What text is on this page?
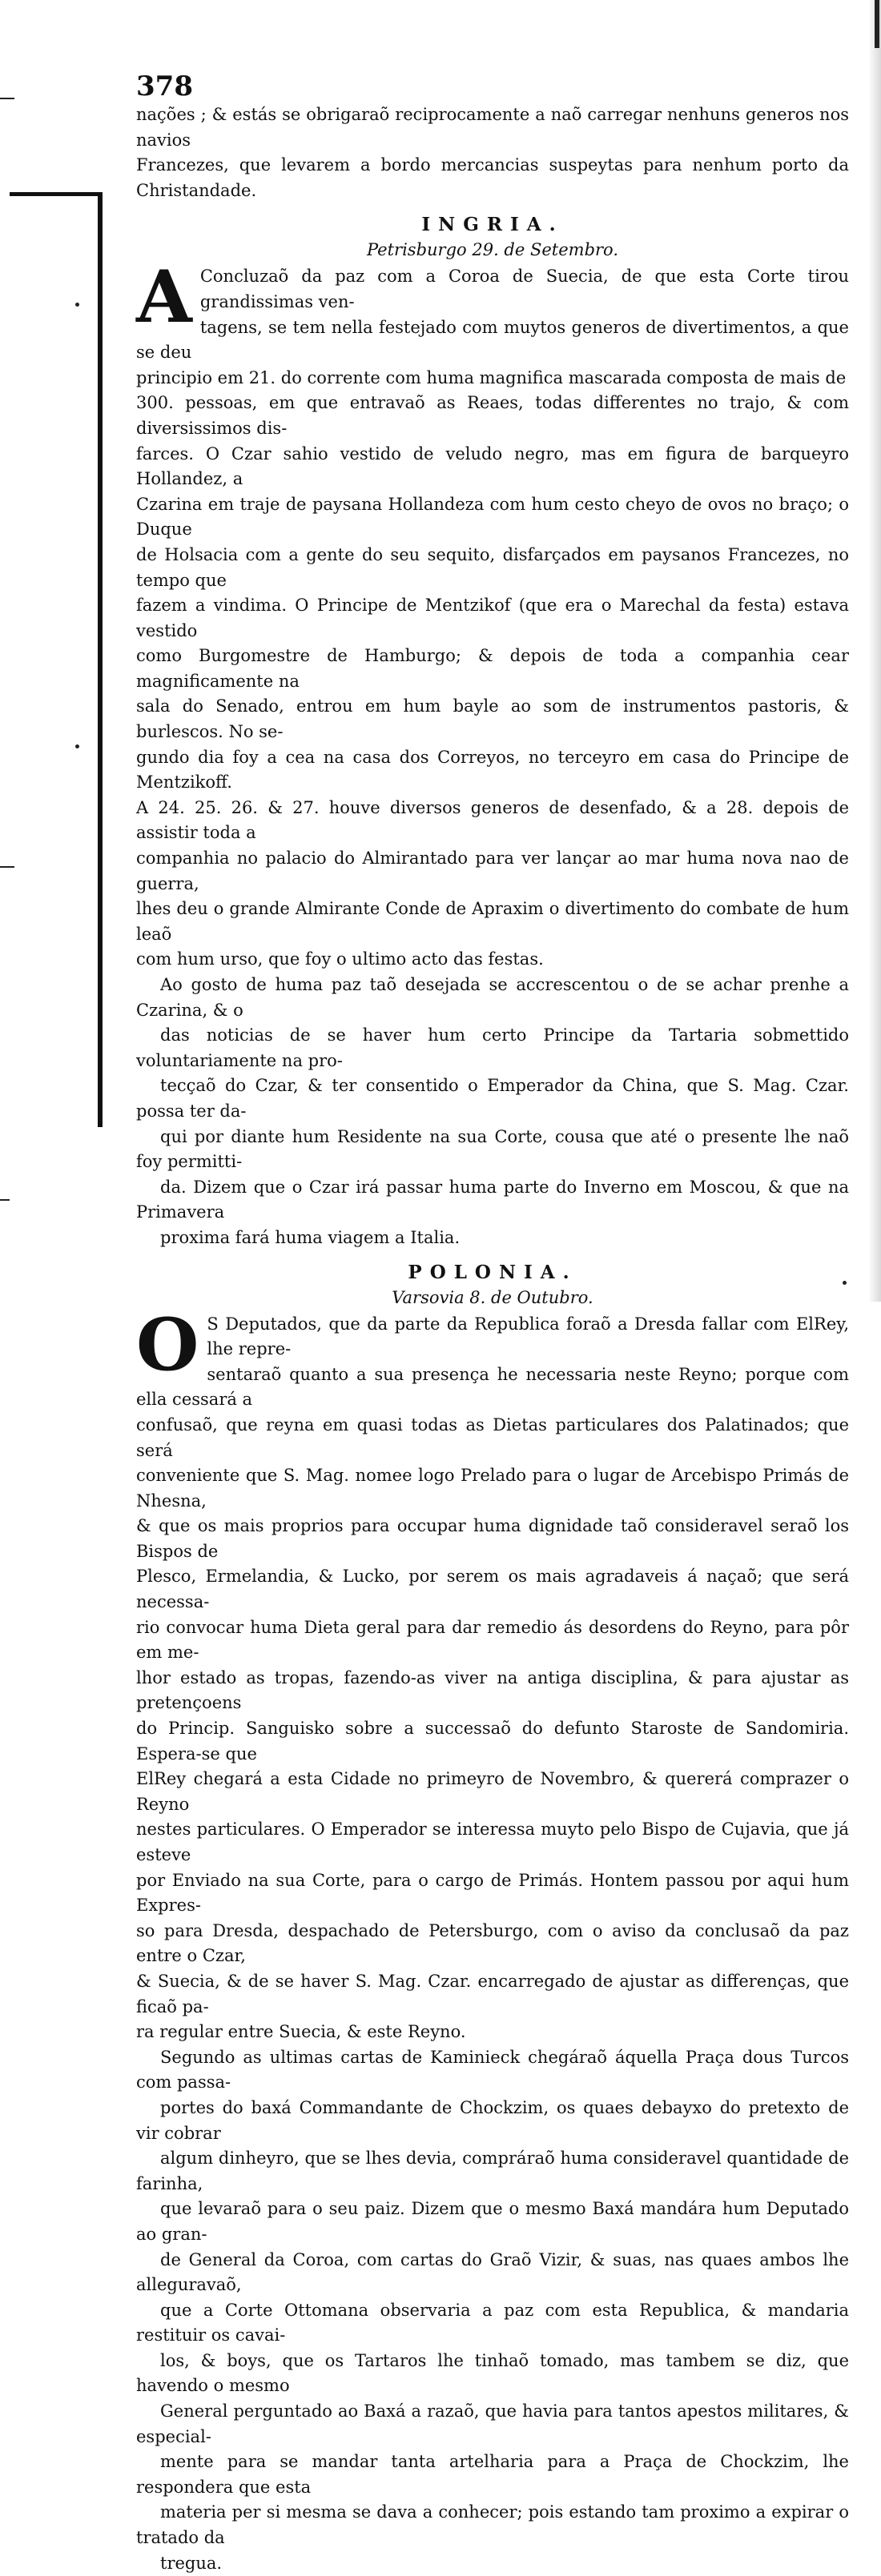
378

nações ; & estás se obrigaraõ reciprocamente a naõ carregar nenhuns generos nos navios
Francezes, que levarem a bordo mercancias suspeytas para nenhum porto da Christandade.

INGRIA.
Petrisburgo 29. de Setembro.

A Concluzaõ da paz com a Coroa de Suecia, de que esta Corte tirou grandissimas ven-
tagens, se tem nella festejado com muytos generos de divertimentos, a que se deu
principio em 21. do corrente com huma magnifica mascarada composta de mais de
300. pessoas, em que entravaõ as Reaes, todas differentes no trajo, & com diversissimos dis-
farces. O Czar sahio vestido de veludo negro, mas em figura de barqueyro Hollandez, a
Czarina em traje de paysana Hollandeza com hum cesto cheyo de ovos no braço; o Duque
de Holsacia com a gente do seu sequito, disfarçados em paysanos Francezes, no tempo que
fazem a vindima. O Principe de Mentzikof (que era o Marechal da festa) estava vestido
como Burgomestre de Hamburgo; & depois de toda a companhia cear magnificamente na
sala do Senado, entrou em hum bayle ao som de instrumentos pastoris, & burlescos. No se-
gundo dia foy a cea na casa dos Correyos, no terceyro em casa do Principe de Mentzikoff.
A 24. 25. 26. & 27. houve diversos generos de desenfado, & a 28. depois de assistir toda a
companhia no palacio do Almirantado para ver lançar ao mar huma nova nao de guerra,
lhes deu o grande Almirante Conde de Apraxim o divertimento do combate de hum leaõ
com hum urso, que foy o ultimo acto das festas.

Ao gosto de huma paz taõ desejada se accrescentou o de se achar prenhe a Czarina, & o
das noticias de se haver hum certo Principe da Tartaria sobmettido voluntariamente na pro-
tecçaõ do Czar, & ter consentido o Emperador da China, que S. Mag. Czar. possa ter da-
qui por diante hum Residente na sua Corte, cousa que até o presente lhe naõ foy permitti-
da. Dizem que o Czar irá passar huma parte do Inverno em Moscou, & que na Primavera
proxima fará huma viagem a Italia.

POLONIA.
Varsovia 8. de Outubro.

O S Deputados, que da parte da Republica foraõ a Dresda fallar com ElRey, lhe repre-
sentaraõ quanto a sua presença he necessaria neste Reyno; porque com ella cessará a
confusaõ, que reyna em quasi todas as Dietas particulares dos Palatinados; que será
conveniente que S. Mag. nomee logo Prelado para o lugar de Arcebispo Primás de Nhesna,
& que os mais proprios para occupar huma dignidade taõ consideravel seraõ los Bispos de
Plesco, Ermelandia, & Lucko, por serem os mais agradaveis á naçaõ; que será necessa-
rio convocar huma Dieta geral para dar remedio ás desordens do Reyno, para pôr em me-
lhor estado as tropas, fazendo-as viver na antiga disciplina, & para ajustar as pretençoens
do Princip. Sanguisko sobre a successaõ do defunto Staroste de Sandomiria. Espera-se que
ElRey chegará a esta Cidade no primeyro de Novembro, & quererá comprazer o Reyno
nestes particulares. O Emperador se interessa muyto pelo Bispo de Cujavia, que já esteve
por Enviado na sua Corte, para o cargo de Primás. Hontem passou por aqui hum Expres-
so para Dresda, despachado de Petersburgo, com o aviso da conclusaõ da paz entre o Czar,
& Suecia, & de se haver S. Mag. Czar. encarregado de ajustar as differenças, que ficaõ pa-
ra regular entre Suecia, & este Reyno.

Segundo as ultimas cartas de Kaminieck chegáraõ áquella Praça dous Turcos com passa-
portes do baxá Commandante de Chockzim, os quaes debayxo do pretexto de vir cobrar
algum dinheyro, que se lhes devia, compráraõ huma consideravel quantidade de farinha,
que levaraõ para o seu paiz. Dizem que o mesmo Baxá mandára hum Deputado ao gran-
de General da Coroa, com cartas do Graõ Vizir, & suas, nas quaes ambos lhe alleguravaõ,
que a Corte Ottomana observaria a paz com esta Republica, & mandaria restituir os cavai-
los, & boys, que os Tartaros lhe tinhaõ tomado, mas tambem se diz, que havendo o mesmo
General perguntado ao Baxá a razaõ, que havia para tantos apestos militares, & especial-
mente para se mandar tanta artelharia para a Praça de Chockzim, lhe respondera que esta
materia per si mesma se dava a conhecer; pois estando tam proximo a expirar o tratado da
tregua.
